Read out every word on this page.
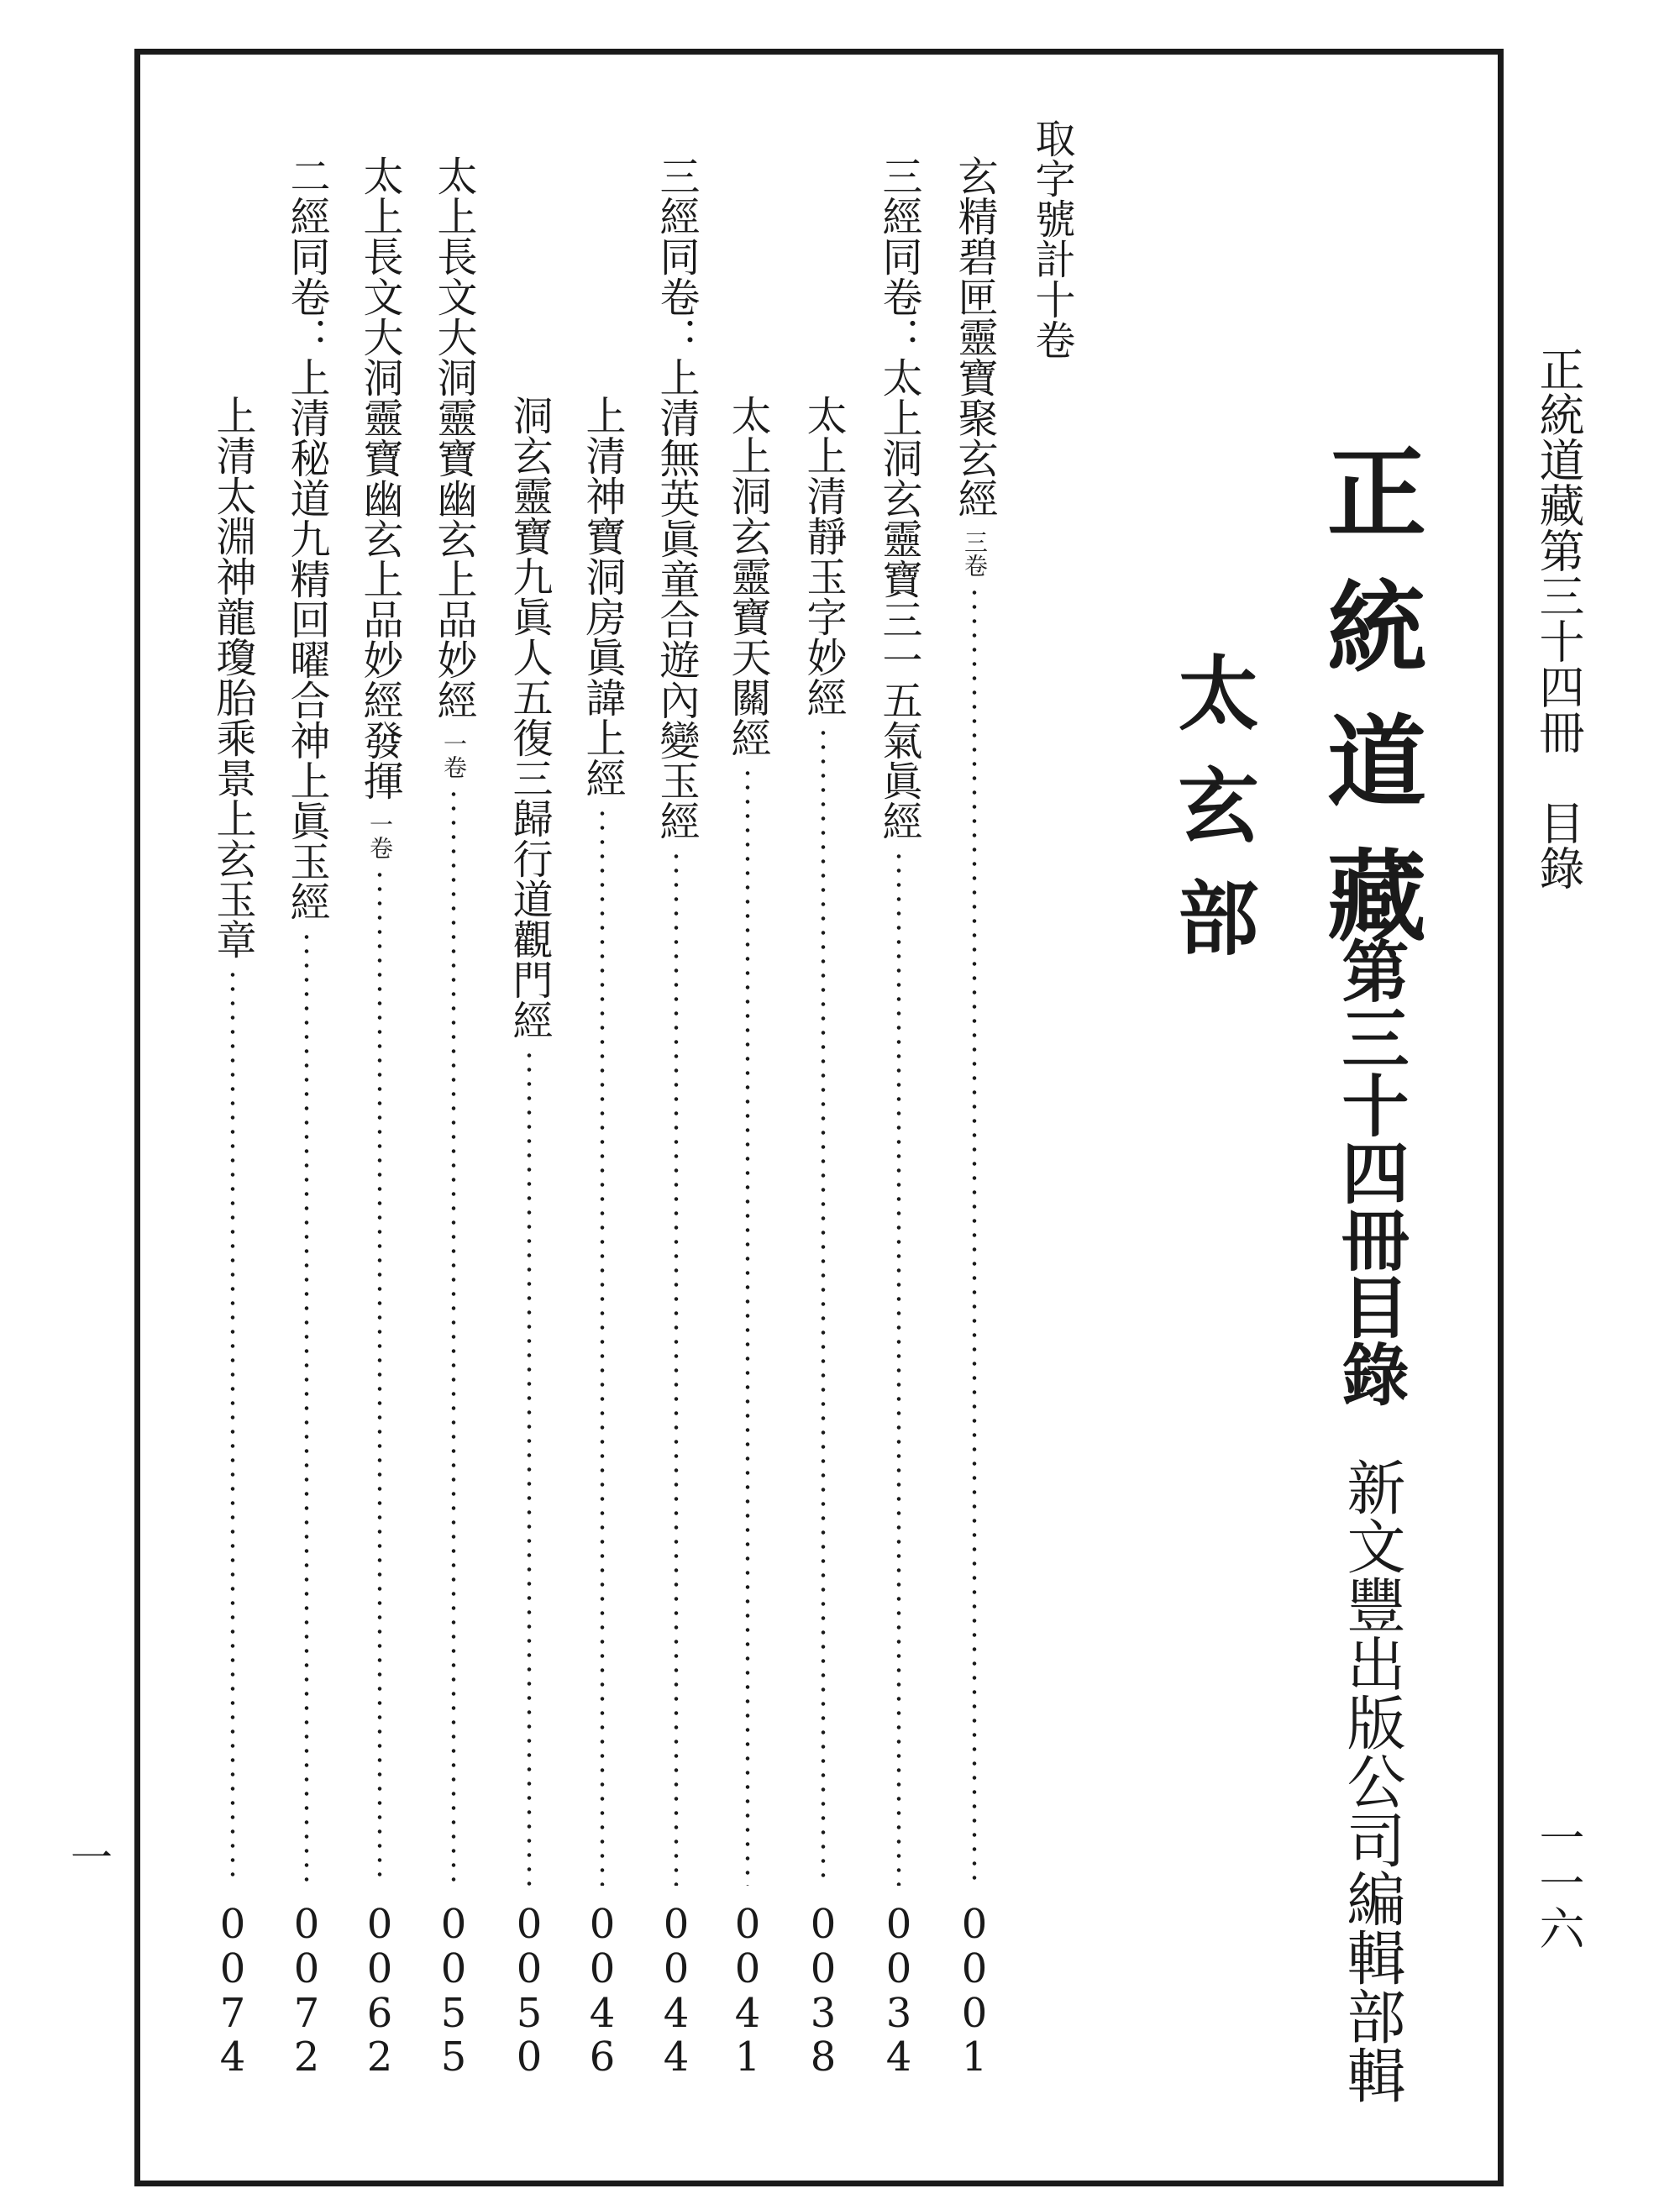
正統道藏第三十四冊　目錄
一一六
一
正統道藏
第三十四冊目錄
太玄部
新文豐出版公司編輯部輯
取字號計十卷
玄精碧匣靈寶聚玄經
三卷
0
0
0
1
三經同卷：太上洞玄靈寶三一五氣眞經
0
0
3
4
太上清靜玉字妙經
0
0
3
8
太上洞玄靈寶天關經
0
0
4
1
三經同卷：上清無英眞童合遊內變玉經
0
0
4
4
上清神寶洞房眞諱上經
0
0
4
6
洞玄靈寶九眞人五復三歸行道觀門經
0
0
5
0
太上長文大洞靈寶幽玄上品妙經
一卷
0
0
5
5
太上長文大洞靈寶幽玄上品妙經發揮
一卷
0
0
6
2
二經同卷：上清秘道九精回曜合神上眞玉經
0
0
7
2
上清太淵神龍瓊胎乘景上玄玉章
0
0
7
4
